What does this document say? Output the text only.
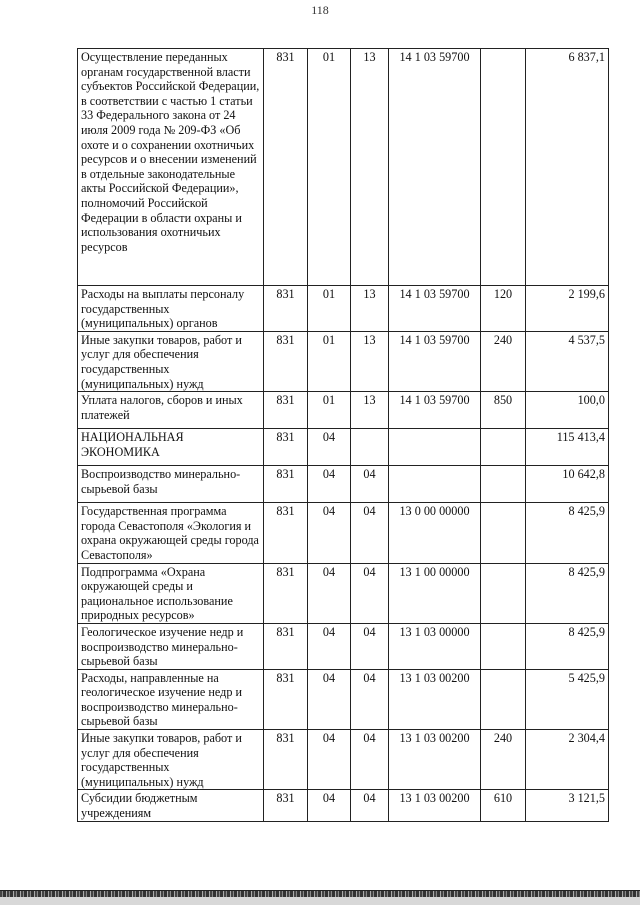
118
Осуществление переданных органам государственной власти субъектов Российской Федерации, в соответствии с частью 1 статьи 33 Федерального закона от 24 июля 2009 года № 209-ФЗ «Об охоте и о сохранении охотничьих ресурсов и о внесении изменений в отдельные законодательные акты Российской Федерации», полномочий Российской Федерации в области охраны и использования охотничьих ресурсов	831	01	13	14 1 03 59700		6 837,1
Расходы на выплаты персоналу государственных (муниципальных) органов	831	01	13	14 1 03 59700	120	2 199,6
Иные закупки товаров, работ и услуг для обеспечения государственных (муниципальных) нужд	831	01	13	14 1 03 59700	240	4 537,5
Уплата налогов, сборов и иных платежей	831	01	13	14 1 03 59700	850	100,0
НАЦИОНАЛЬНАЯ ЭКОНОМИКА	831	04				115 413,4
Воспроизводство минерально-сырьевой базы	831	04	04			10 642,8
Государственная программа города Севастополя «Экология и охрана окружающей среды города Севастополя»	831	04	04	13 0 00 00000		8 425,9
Подпрограмма «Охрана окружающей среды и рациональное использование природных ресурсов»	831	04	04	13 1 00 00000		8 425,9
Геологическое изучение недр и воспроизводство минерально-сырьевой базы	831	04	04	13 1 03 00000		8 425,9
Расходы, направленные на геологическое изучение недр и воспроизводство минерально-сырьевой базы	831	04	04	13 1 03 00200		5 425,9
Иные закупки товаров, работ и услуг для обеспечения государственных (муниципальных) нужд	831	04	04	13 1 03 00200	240	2 304,4
Субсидии бюджетным учреждениям	831	04	04	13 1 03 00200	610	3 121,5
